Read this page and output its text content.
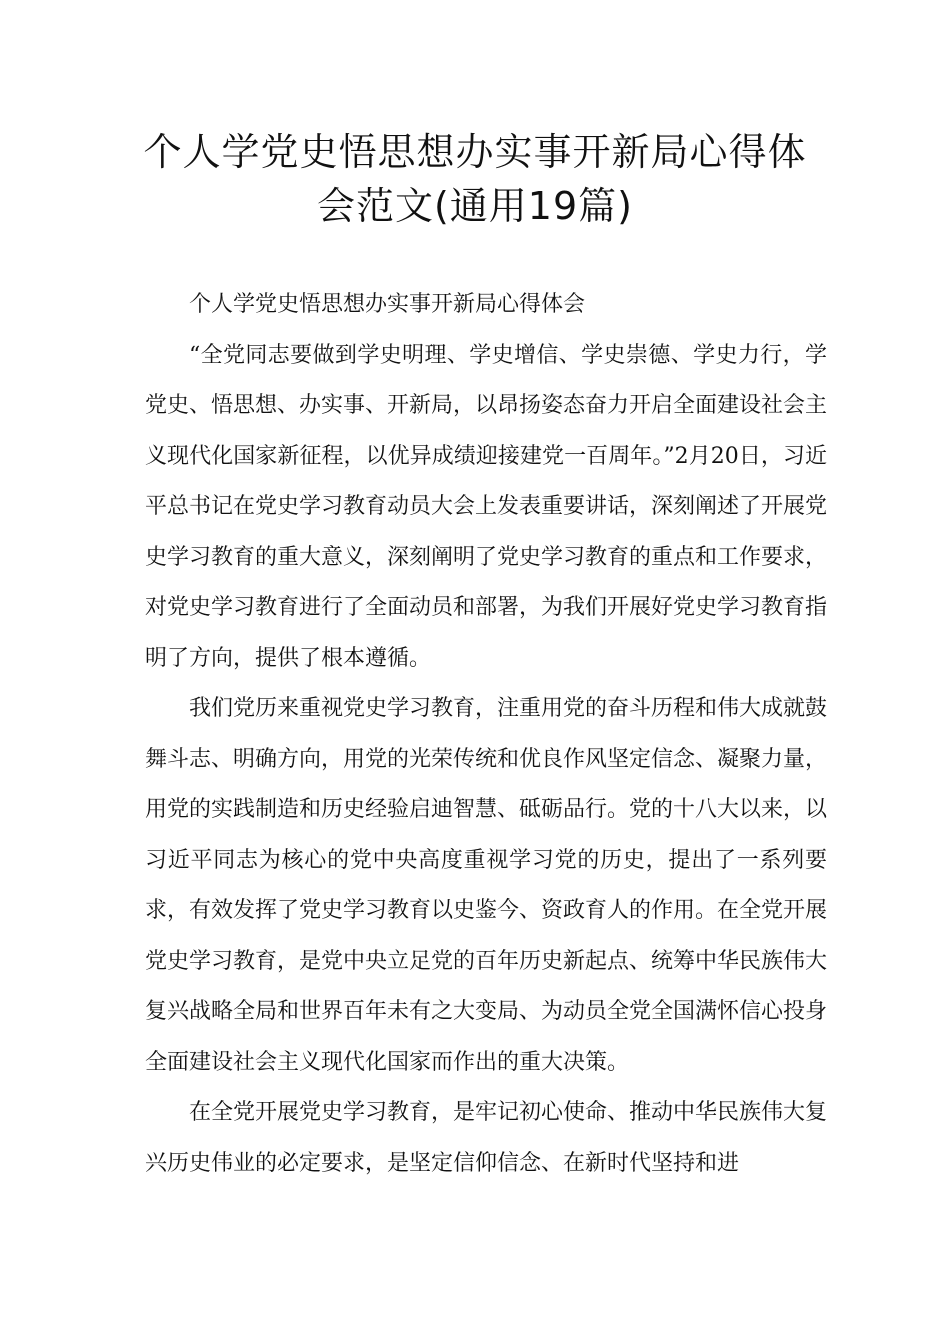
个人学党史悟思想办实事开新局心得体
会范文(通用19篇)

个人学党史悟思想办实事开新局心得体会

“全党同志要做到学史明理、学史增信、学史崇德、学史力行，学党史、悟思想、办实事、开新局，以昂扬姿态奋力开启全面建设社会主义现代化国家新征程，以优异成绩迎接建党一百周年。”2月20日，习近平总书记在党史学习教育动员大会上发表重要讲话，深刻阐述了开展党史学习教育的重大意义，深刻阐明了党史学习教育的重点和工作要求，对党史学习教育进行了全面动员和部署，为我们开展好党史学习教育指明了方向，提供了根本遵循。

我们党历来重视党史学习教育，注重用党的奋斗历程和伟大成就鼓舞斗志、明确方向，用党的光荣传统和优良作风坚定信念、凝聚力量，用党的实践制造和历史经验启迪智慧、砥砺品行。党的十八大以来，以习近平同志为核心的党中央高度重视学习党的历史，提出了一系列要求，有效发挥了党史学习教育以史鉴今、资政育人的作用。在全党开展党史学习教育，是党中央立足党的百年历史新起点、统筹中华民族伟大复兴战略全局和世界百年未有之大变局、为动员全党全国满怀信心投身全面建设社会主义现代化国家而作出的重大决策。

在全党开展党史学习教育，是牢记初心使命、推动中华民族伟大复兴历史伟业的必定要求，是坚定信仰信念、在新时代坚持和进
